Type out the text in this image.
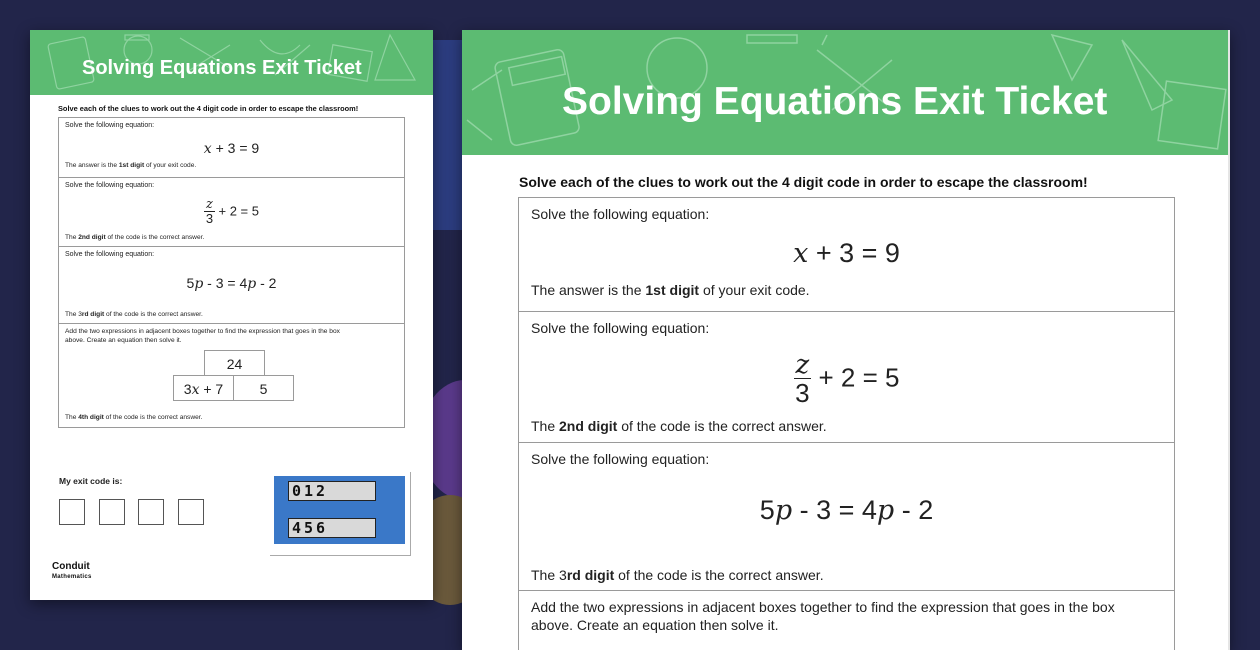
Solving Equations Exit Ticket
Solve each of the clues to work out the 4 digit code in order to escape the classroom!
Solve the following equation:
x + 3 = 9
The answer is the 1st digit of your exit code.
Solve the following equation:
$\frac{z}{3} + 2 = 5$
The 2nd digit of the code is the correct answer.
Solve the following equation:
5p - 3 = 4p - 2
The 3rd digit of the code is the correct answer.
Add the two expressions in adjacent boxes together to find the expression that goes in the box
above. Create an equation then solve it.
24
3x + 7	5
The 4th digit of the code is the correct answer.
My exit code is:
012
456
Conduit
Mathematics
Solving Equations Exit Ticket
Solve each of the clues to work out the 4 digit code in order to escape the classroom!
Solve the following equation:
x + 3 = 9
The answer is the 1st digit of your exit code.
Solve the following equation:
$\frac{z}{3} + 2 = 5$
The 2nd digit of the code is the correct answer.
Solve the following equation:
5p - 3 = 4p - 2
The 3rd digit of the code is the correct answer.
Add the two expressions in adjacent boxes together to find the expression that goes in the box
above. Create an equation then solve it.
